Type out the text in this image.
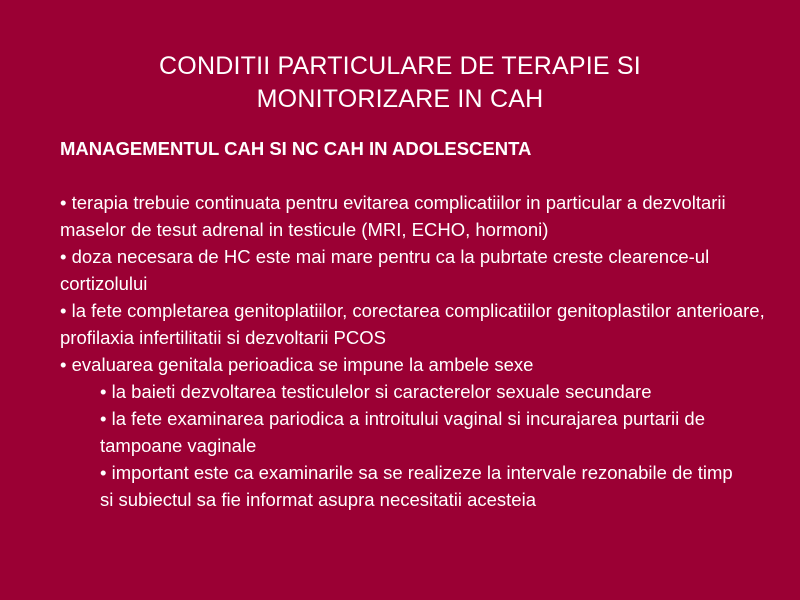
CONDITII PARTICULARE DE TERAPIE SI
MONITORIZARE IN CAH
MANAGEMENTUL CAH SI NC CAH IN ADOLESCENTA
• terapia trebuie continuata pentru evitarea complicatiilor in particular a dezvoltarii maselor de tesut adrenal in testicule (MRI, ECHO, hormoni)
• doza necesara de HC este mai mare pentru ca la pubrtate creste clearence-ul cortizolului
• la fete completarea genitoplatiilor, corectarea complicatiilor genitoplastilor anterioare, profilaxia infertilitatii si dezvoltarii PCOS
• evaluarea genitala perioadica se impune la ambele sexe
• la baieti dezvoltarea testiculelor si caracterelor sexuale secundare
• la fete examinarea pariodica a introitului vaginal si incurajarea purtarii de tampoane vaginale
• important este ca examinarile sa se realizeze la intervale rezonabile de timp si subiectul sa fie informat asupra necesitatii acesteia
